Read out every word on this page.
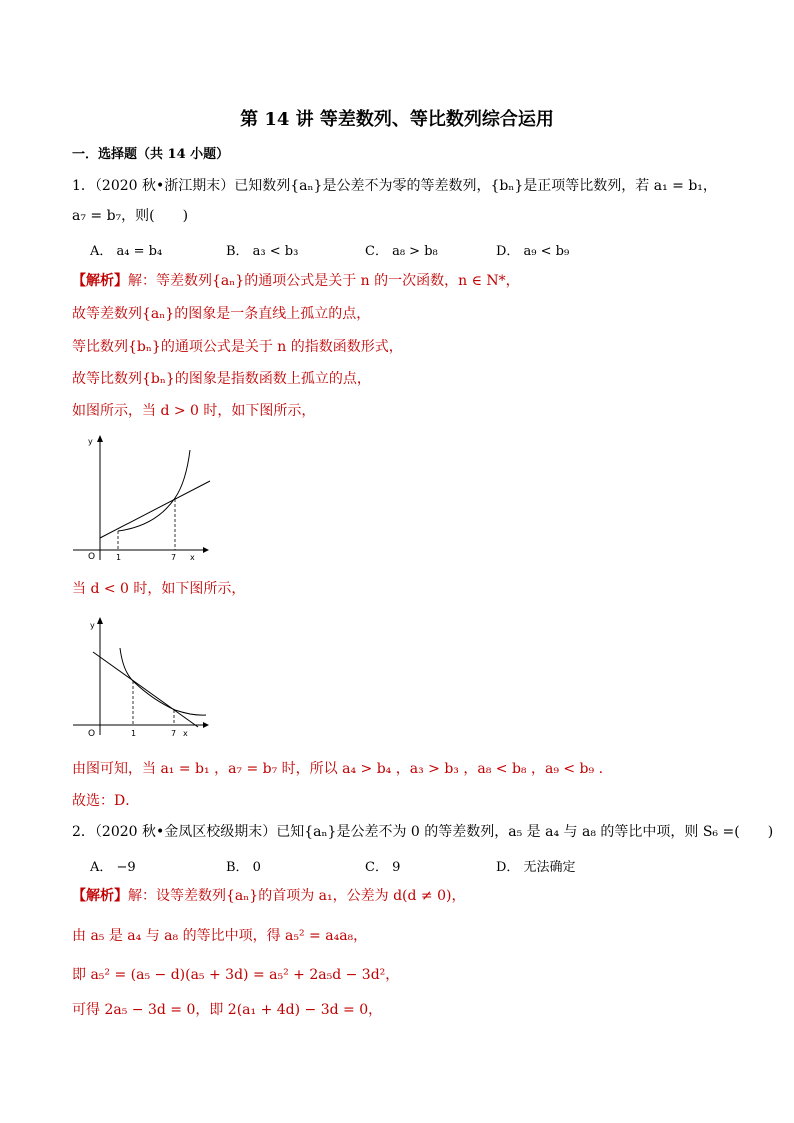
第 14 讲 等差数列、等比数列综合运用
一．选择题（共 14 小题）
1．（2020 秋•浙江期末）已知数列{aₙ}是公差不为零的等差数列，{bₙ}是正项等比数列，若 a₁ = b₁，
a₇ = b₇，则(　　)
A． a₄ = b₄	B． a₃ < b₃	C． a₈ > b₈	D． a₉ < b₉
【解析】解：等差数列{aₙ}的通项公式是关于 n 的一次函数，n ∈ N*，
故等差数列{aₙ}的图象是一条直线上孤立的点，
等比数列{bₙ}的通项公式是关于 n 的指数函数形式，
故等比数列{bₙ}的图象是指数函数上孤立的点，
如图所示，当 d > 0 时，如下图所示，
y
O	1	7 x
当 d < 0 时，如下图所示，
y
O	1	7 x
由图可知，当 a₁ = b₁ ，a₇ = b₇ 时，所以 a₄ > b₄ ，a₃ > b₃ ，a₈ < b₈ ，a₉ < b₉ .
故选：D．
2．（2020 秋•金凤区校级期末）已知{aₙ}是公差不为 0 的等差数列，a₅ 是 a₄ 与 a₈ 的等比中项，则 S₆ =(　　)
A． −9	B． 0	C． 9	D． 无法确定
【解析】解：设等差数列{aₙ}的首项为 a₁，公差为 d(d ≠ 0)，
由 a₅ 是 a₄ 与 a₈ 的等比中项，得 a₅² = a₄a₈，
即 a₅² = (a₅ − d)(a₅ + 3d) = a₅² + 2a₅d − 3d²，
可得 2a₅ − 3d = 0，即 2(a₁ + 4d) − 3d = 0，
